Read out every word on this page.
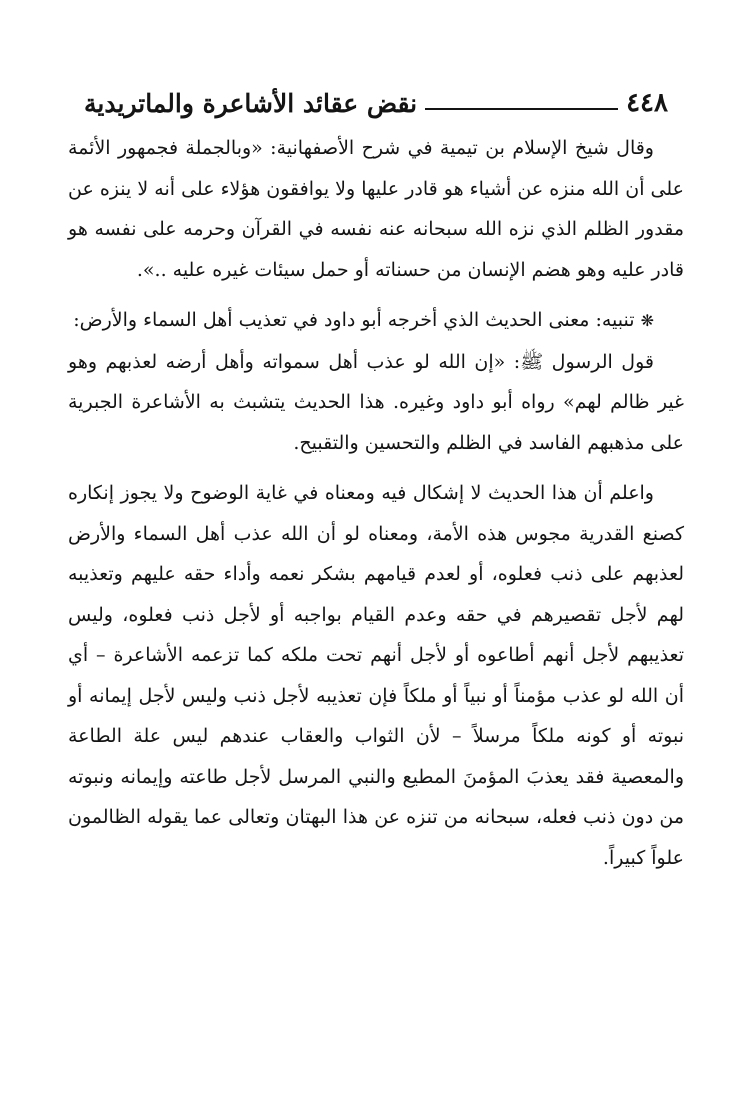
٤٤٨
نقض عقائد الأشاعرة والماتريدية

وقال شيخ الإسلام بن تيمية في شرح الأصفهانية: «وبالجملة فجمهور الأئمة على أن الله منزه عن أشياء هو قادر عليها ولا يوافقون هؤلاء على أنه لا ينزه عن مقدور الظلم الذي نزه الله سبحانه عنه نفسه في القرآن وحرمه على نفسه هو قادر عليه وهو هضم الإنسان من حسناته أو حمل سيئات غيره عليه ..».

❋ تنبيه: معنى الحديث الذي أخرجه أبو داود في تعذيب أهل السماء والأرض:

قول الرسول ﷺ: «إن الله لو عذب أهل سمواته وأهل أرضه لعذبهم وهو غير ظالم لهم» رواه أبو داود وغيره. هذا الحديث يتشبث به الأشاعرة الجبرية على مذهبهم الفاسد في الظلم والتحسين والتقبيح.

واعلم أن هذا الحديث لا إشكال فيه ومعناه في غاية الوضوح ولا يجوز إنكاره كصنع القدرية مجوس هذه الأمة، ومعناه لو أن الله عذب أهل السماء والأرض لعذبهم على ذنب فعلوه، أو لعدم قيامهم بشكر نعمه وأداء حقه عليهم وتعذيبه لهم لأجل تقصيرهم في حقه وعدم القيام بواجبه أو لأجل ذنب فعلوه، وليس تعذيبهم لأجل أنهم أطاعوه أو لأجل أنهم تحت ملكه كما تزعمه الأشاعرة – أي أن الله لو عذب مؤمناً أو نبياً أو ملكاً فإن تعذيبه لأجل ذنب وليس لأجل إيمانه أو نبوته أو كونه ملكاً مرسلاً – لأن الثواب والعقاب عندهم ليس علة الطاعة والمعصية فقد يعذبَ المؤمنَ المطيع والنبي المرسل لأجل طاعته وإيمانه ونبوته من دون ذنب فعله، سبحانه من تنزه عن هذا البهتان وتعالى عما يقوله الظالمون علواً كبيراً.
